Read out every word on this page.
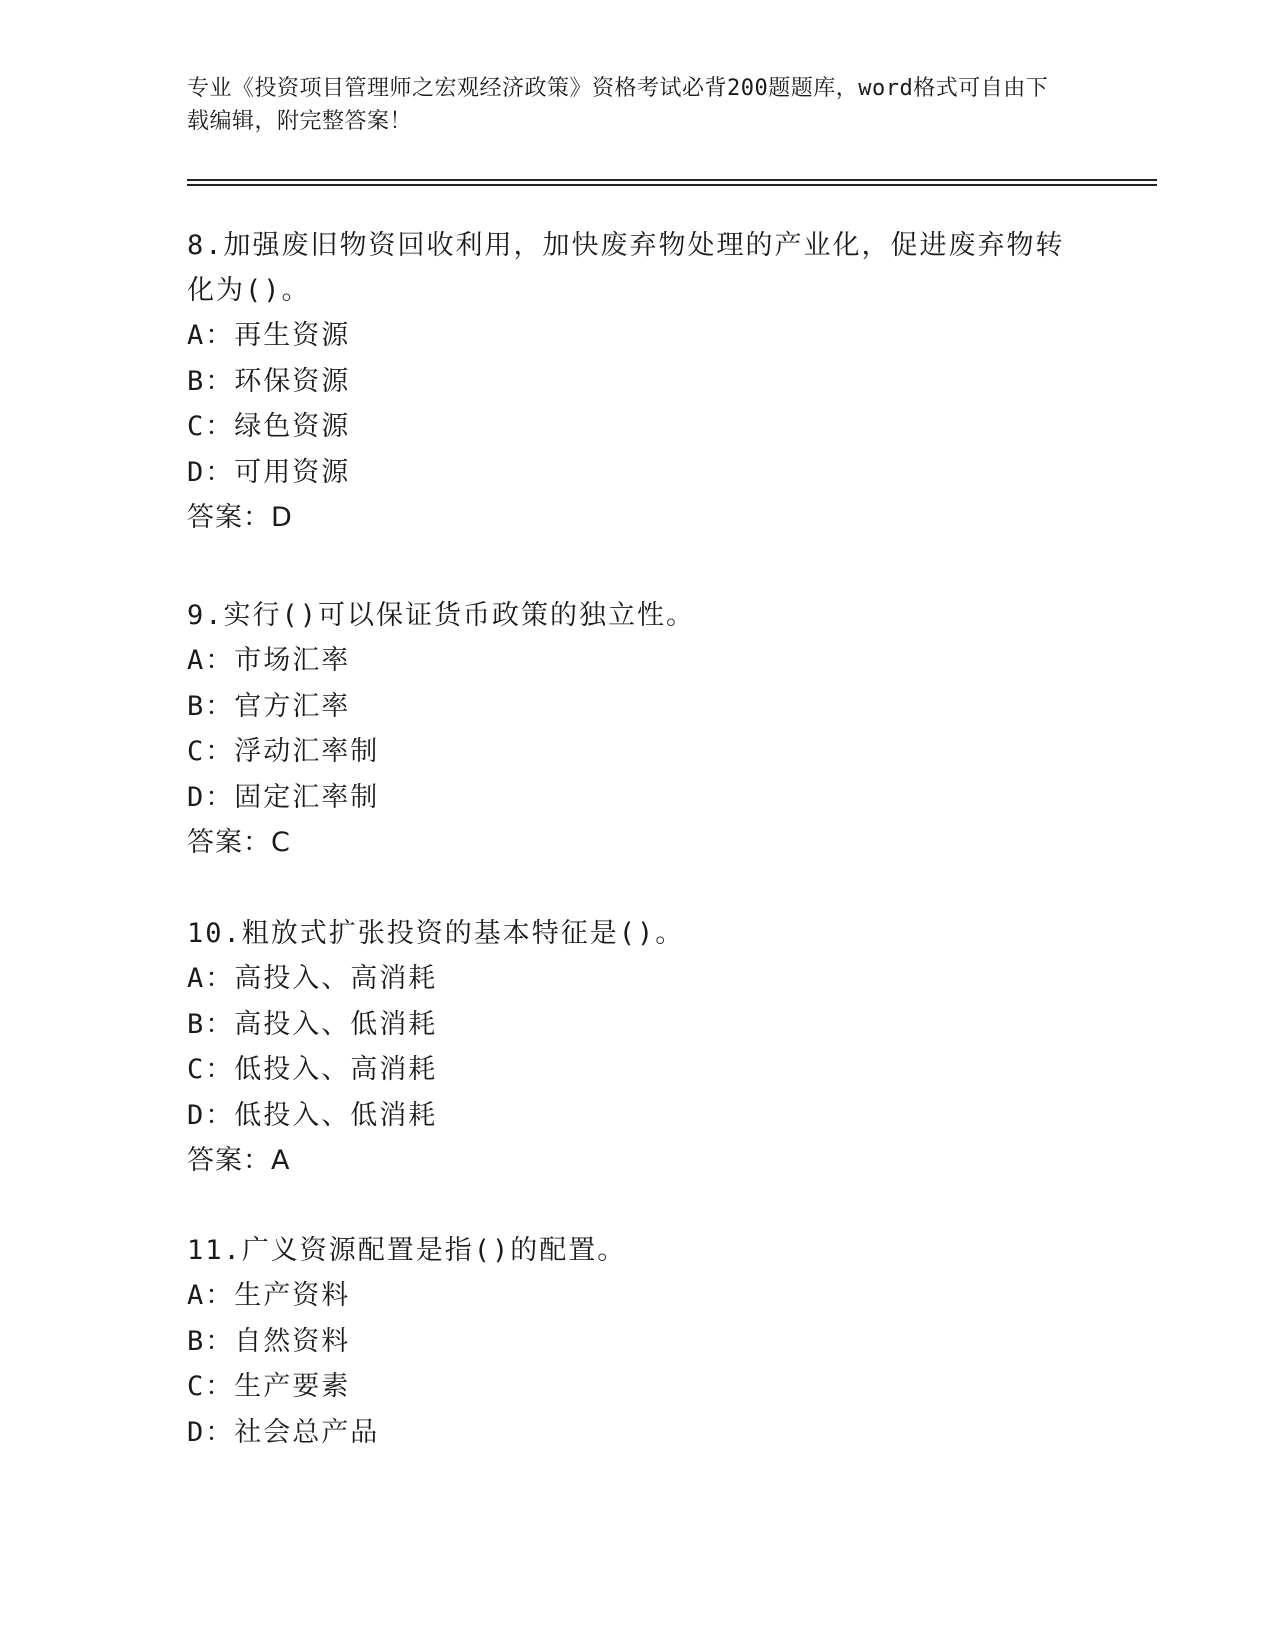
专业《投资项目管理师之宏观经济政策》资格考试必背200题题库，word格式可自由下载编辑，附完整答案！
8.加强废旧物资回收利用，加快废弃物处理的产业化，促进废弃物转化为()。
A：再生资源
B：环保资源
C：绿色资源
D：可用资源
答案：D
9.实行()可以保证货币政策的独立性。
A：市场汇率
B：官方汇率
C：浮动汇率制
D：固定汇率制
答案：C
10.粗放式扩张投资的基本特征是()。
A：高投入、高消耗
B：高投入、低消耗
C：低投入、高消耗
D：低投入、低消耗
答案：A
11.广义资源配置是指()的配置。
A：生产资料
B：自然资料
C：生产要素
D：社会总产品
